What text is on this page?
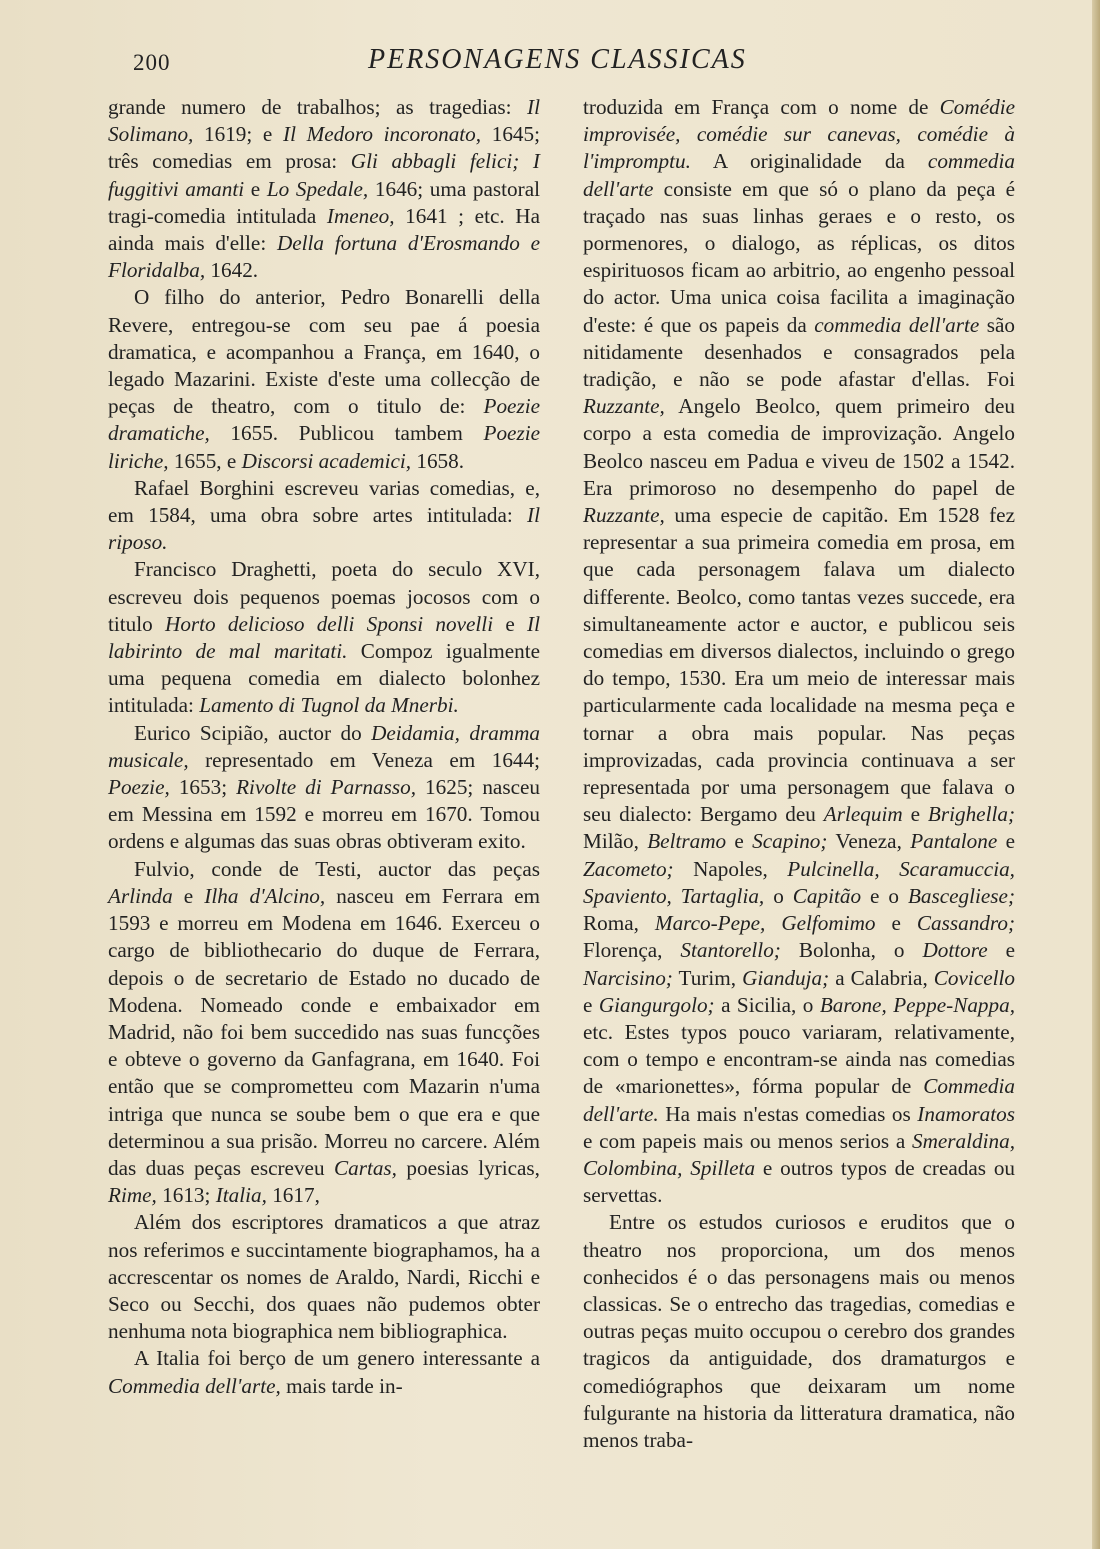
200	PERSONAGENS CLASSICAS

grande numero de trabalhos; as tragedias: Il Solimano, 1619; e Il Medoro incoronato, 1645; três comedias em prosa: Gli abbagli felici; I fuggitivi amanti e Lo Spedale, 1646; uma pastoral tragi-comedia intitulada Imeneo, 1641 ; etc. Ha ainda mais d'elle: Della fortuna d'Erosmando e Floridalba, 1642.

O filho do anterior, Pedro Bonarelli della Revere, entregou-se com seu pae á poesia dramatica, e acompanhou a França, em 1640, o legado Mazarini. Existe d'este uma collecção de peças de theatro, com o titulo de: Poezie dramatiche, 1655. Publicou tambem Poezie liriche, 1655, e Discorsi academici, 1658.

Rafael Borghini escreveu varias comedias, e, em 1584, uma obra sobre artes intitulada: Il riposo.

Francisco Draghetti, poeta do seculo XVI, escreveu dois pequenos poemas jocosos com o titulo Horto delicioso delli Sponsi novelli e Il labirinto de mal maritati. Compoz igualmente uma pequena comedia em dialecto bolonhez intitulada: Lamento di Tugnol da Mnerbi.

Eurico Scipião, auctor do Deidamia, dramma musicale, representado em Veneza em 1644; Poezie, 1653; Rivolte di Parnasso, 1625; nasceu em Messina em 1592 e morreu em 1670. Tomou ordens e algumas das suas obras obtiveram exito.

Fulvio, conde de Testi, auctor das peças Arlinda e Ilha d'Alcino, nasceu em Ferrara em 1593 e morreu em Modena em 1646. Exerceu o cargo de bibliothecario do duque de Ferrara, depois o de secretario de Estado no ducado de Modena. Nomeado conde e embaixador em Madrid, não foi bem succedido nas suas funcções e obteve o governo da Ganfagrana, em 1640. Foi então que se comprometteu com Mazarin n'uma intriga que nunca se soube bem o que era e que determinou a sua prisão. Morreu no carcere. Além das duas peças escreveu Cartas, poesias lyricas, Rime, 1613; Italia, 1617,

Além dos escriptores dramaticos a que atraz nos referimos e succintamente biographamos, ha a accrescentar os nomes de Araldo, Nardi, Ricchi e Seco ou Secchi, dos quaes não pudemos obter nenhuma nota biographica nem bibliographica.

A Italia foi berço de um genero interessante a Commedia dell'arte, mais tarde in-

troduzida em França com o nome de Comédie improvisée, comédie sur canevas, comédie à l'impromptu. A originalidade da commedia dell'arte consiste em que só o plano da peça é traçado nas suas linhas geraes e o resto, os pormenores, o dialogo, as réplicas, os ditos espirituosos ficam ao arbitrio, ao engenho pessoal do actor. Uma unica coisa facilita a imaginação d'este: é que os papeis da commedia dell'arte são nitidamente desenhados e consagrados pela tradição, e não se pode afastar d'ellas. Foi Ruzzante, Angelo Beolco, quem primeiro deu corpo a esta comedia de improvização. Angelo Beolco nasceu em Padua e viveu de 1502 a 1542. Era primoroso no desempenho do papel de Ruzzante, uma especie de capitão. Em 1528 fez representar a sua primeira comedia em prosa, em que cada personagem falava um dialecto differente. Beolco, como tantas vezes succede, era simultaneamente actor e auctor, e publicou seis comedias em diversos dialectos, incluindo o grego do tempo, 1530. Era um meio de interessar mais particularmente cada localidade na mesma peça e tornar a obra mais popular. Nas peças improvizadas, cada provincia continuava a ser representada por uma personagem que falava o seu dialecto: Bergamo deu Arlequim e Brighella; Milão, Beltramo e Scapino; Veneza, Pantalone e Zacometo; Napoles, Pulcinella, Scaramuccia, Spaviento, Tartaglia, o Capitão e o Bascegliese; Roma, Marco-Pepe, Gelfomimo e Cassandro; Florença, Stantorello; Bolonha, o Dottore e Narcisino; Turim, Gianduja; a Calabria, Covicello e Giangurgolo; a Sicilia, o Barone, Peppe-Nappa, etc. Estes typos pouco variaram, relativamente, com o tempo e encontram-se ainda nas comedias de «marionettes», fórma popular de Commedia dell'arte. Ha mais n'estas comedias os Inamoratos e com papeis mais ou menos serios a Smeraldina, Colombina, Spilleta e outros typos de creadas ou servettas.

Entre os estudos curiosos e eruditos que o theatro nos proporciona, um dos menos conhecidos é o das personagens mais ou menos classicas. Se o entrecho das tragedias, comedias e outras peças muito occupou o cerebro dos grandes tragicos da antiguidade, dos dramaturgos e comediógraphos que deixaram um nome fulgurante na historia da litteratura dramatica, não menos traba-
